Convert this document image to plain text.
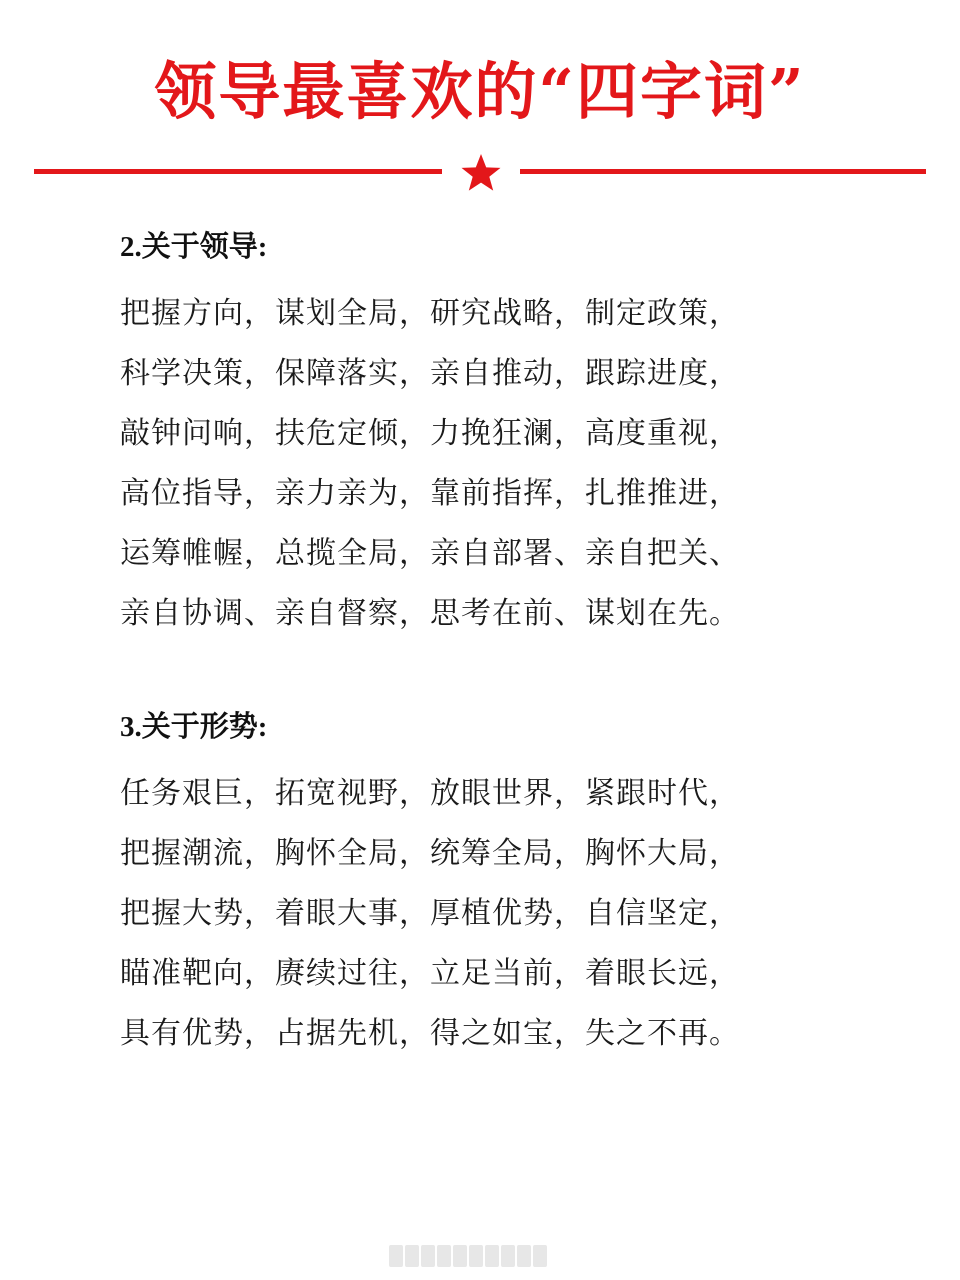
领导最喜欢的“四字词”
2.关于领导:
把握方向，谋划全局，研究战略，制定政策，
科学决策，保障落实，亲自推动，跟踪进度，
敲钟问响，扶危定倾，力挽狂澜，高度重视，
高位指导，亲力亲为，靠前指挥，扎推推进，
运筹帷幄，总揽全局，亲自部署、亲自把关、
亲自协调、亲自督察，思考在前、谋划在先。
3.关于形势:
任务艰巨，拓宽视野，放眼世界，紧跟时代，
把握潮流，胸怀全局，统筹全局，胸怀大局，
把握大势，着眼大事，厚植优势，自信坚定，
瞄准靶向，赓续过往，立足当前，着眼长远，
具有优势，占据先机，得之如宝，失之不再。
